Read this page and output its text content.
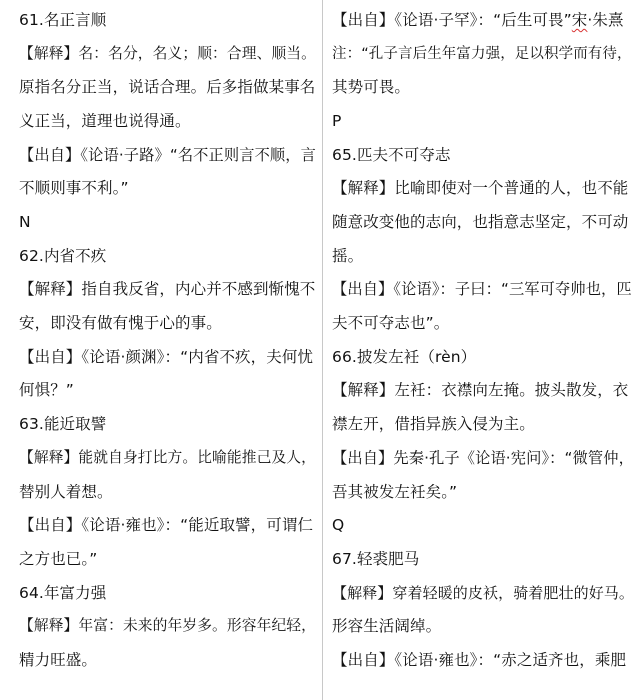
61.名正言顺
【解释】名：名分，名义；顺：合理、顺当。
原指名分正当，说话合理。后多指做某事名
义正当，道理也说得通。
【出自】《论语·子路》“名不正则言不顺，言
不顺则事不利。”
N
62.内省不疚
【解释】指自我反省，内心并不感到惭愧不
安，即没有做有愧于心的事。
【出自】《论语·颜渊》：“内省不疚，夫何忧
何惧？”
63.能近取譬
【解释】能就自身打比方。比喻能推己及人，
替别人着想。
【出自】《论语·雍也》：“能近取譬，可谓仁
之方也已。”
64.年富力强
【解释】年富：未来的年岁多。形容年纪轻，
精力旺盛。
【出自】《论语·子罕》：“后生可畏”宋·朱熹
注：“孔子言后生年富力强，足以积学而有待，
其势可畏。
P
65.匹夫不可夺志
【解释】比喻即使对一个普通的人，也不能
随意改变他的志向，也指意志坚定，不可动
摇。
【出自】《论语》：子曰：“三军可夺帅也，匹
夫不可夺志也”。
66.披发左衽（rèn）
【解释】左衽：衣襟向左掩。披头散发，衣
襟左开，借指异族入侵为主。
【出自】先秦·孔子《论语·宪问》：“微管仲，
吾其被发左衽矣。”
Q
67.轻裘肥马
【解释】穿着轻暖的皮袄，骑着肥壮的好马。
形容生活阔绰。
【出自】《论语·雍也》：“赤之适齐也，乘肥
